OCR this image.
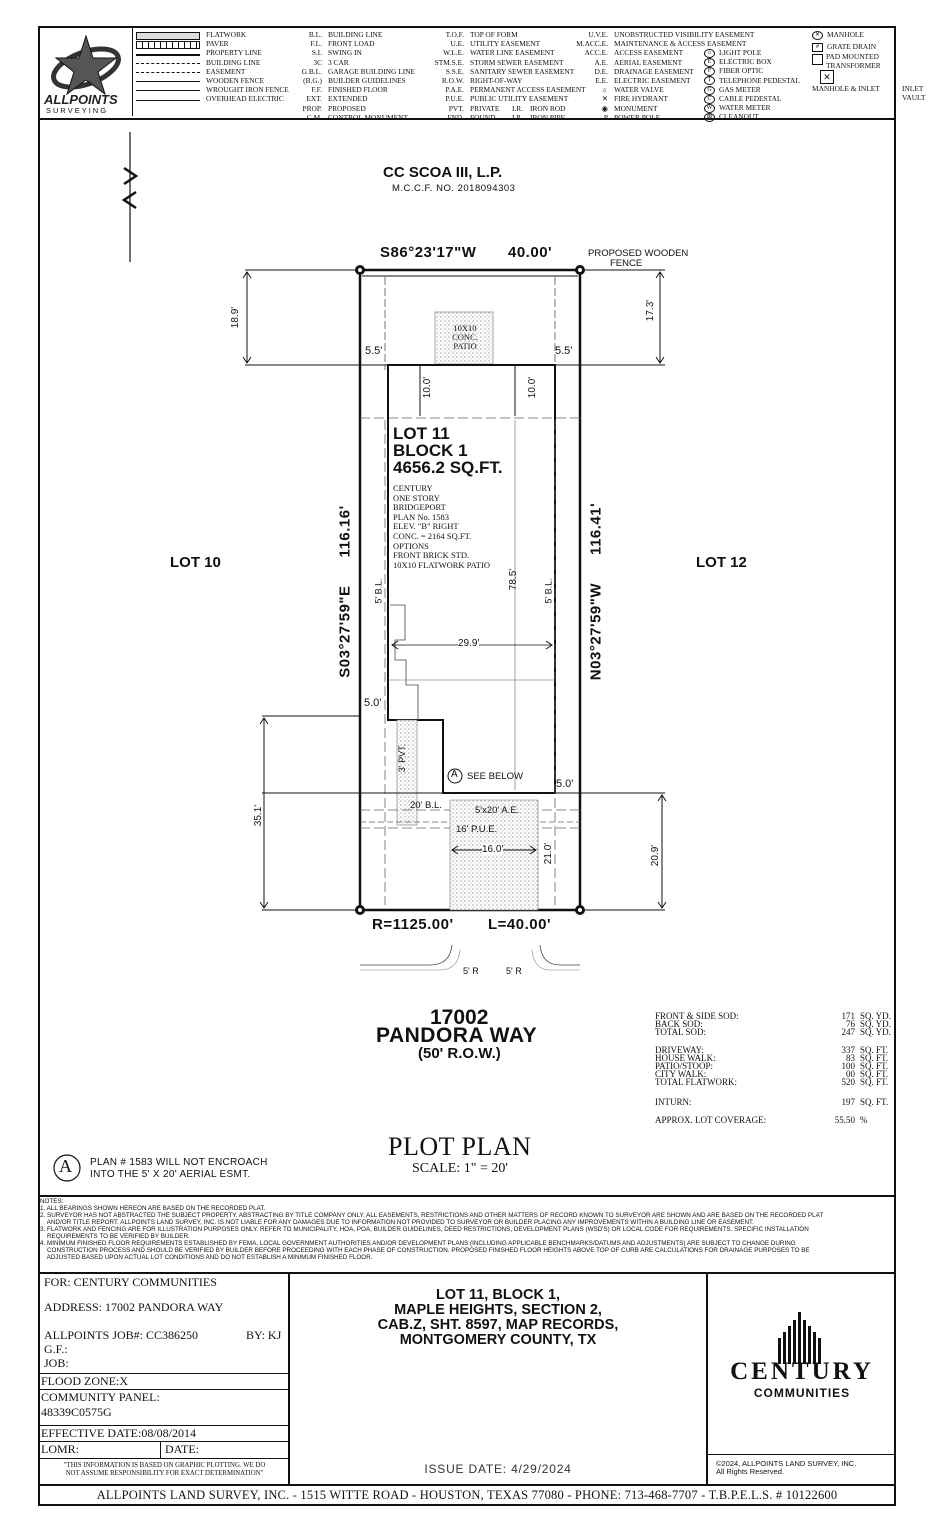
ALLPOINTS
SURVEYING
FLATWORK
PAVER
PROPERTY LINE
BUILDING LINE
EASEMENT
WOODEN FENCE
WROUGHT IRON FENCE
OVERHEAD ELECTRIC
B.L. BUILDING LINE
F.L. FRONT LOAD
S.I. SWING IN
3C 3 CAR
G.B.L. GARAGE BUILDING LINE
(B.G.) BUILDER GUIDELINES
F.F. FINISHED FLOOR
EXT. EXTENDED
PROP. PROPOSED
C.M. CONTROL MONUMENT
T.O.F. TOP OF FORM
U.E. UTILITY EASEMENT
W.L.E. WATER LINE EASEMENT
STM.S.E. STORM SEWER EASEMENT
S.S.E. SANITARY SEWER EASEMENT
R.O.W. RIGHT-OF-WAY
P.A.E. PERMANENT ACCESS EASEMENT
P.U.E. PUBLIC UTILITY EASEMENT
PVT. PRIVATE I.R. IRON ROD
FND. FOUND I.P. IRON PIPE
U.V.E. UNOBSTRUCTED VISIBILITY EASEMENT
M.ACC.E. MAINTENANCE & ACCESS EASEMENT
ACC.E. ACCESS EASEMENT
A.E. AERIAL EASEMENT
D.E. DRAINAGE EASEMENT
E.E. ELECTRIC EASEMENT
☼ WATER VALVE
✕ FIRE HYDRANT
◉ MONUMENT
P POWER POLE
☼ LIGHT POLE
E ELECTRIC BOX
F FIBER OPTIC
T TELEPHONE PEDESTAL
G GAS METER
C CABLE PEDESTAL
W WATER METER
⊠ CLEANOUT
✕ MANHOLE
# GRATE DRAIN
PAD MOUNTED TRANSFORMER
✕
MANHOLE & INLET	INLET
VAULT
CC SCOA III, L.P.
M.C.C.F. NO. 2018094303
S86°23'17"W 40.00'	PROPOSED WOODEN
FENCE
18.9'	17.3'
5.5'	5.5'
10X10
CONC.
PATIO
10.0'	10.0'
LOT 11
BLOCK 1
4656.2 SQ.FT.
CENTURY
ONE STORY
BRIDGEPORT
PLAN No. 1583
ELEV. "B" RIGHT
CONC. = 2164 SQ.FT.
OPTIONS
FRONT BRICK STD.
10X10 FLATWORK PATIO
LOT 10	LOT 12
S03°27'59"E      116.16'
N03°27'59"W      116.41'
5' B.L.	5' B.L.
78.5'
29.9'
5.0'
5.0'
3' PVT.
A SEE BELOW
20' B.L.	5'x20' A.E.
16' P.U.E.
16.0'	21.0'
35.1'
20.9'
R=1125.00' L=40.00'
5' R	5' R
17002
PANDORA WAY
(50' R.O.W.)
PLOT PLAN
SCALE: 1" = 20'
A PLAN # 1583 WILL NOT ENCROACH
INTO THE 5' X 20' AERIAL ESMT.
FRONT & SIDE SOD:	171 SQ. YD.
BACK SOD:	76 SQ. YD.
TOTAL SOD:	247 SQ. YD.
DRIVEWAY:	337 SQ. FT.
HOUSE WALK:	83 SQ. FT.
PATIO/STOOP:	100 SQ. FT.
CITY WALK:	00 SQ. FT.
TOTAL FLATWORK:	520 SQ. FT.
INTURN:	197 SQ. FT.
APPROX. LOT COVERAGE:	55.50 %
NOTES:
1. ALL BEARINGS SHOWN HEREON ARE BASED ON THE RECORDED PLAT.
2. SURVEYOR HAS NOT ABSTRACTED THE SUBJECT PROPERTY. ABSTRACTING BY TITLE COMPANY ONLY. ALL EASEMENTS, RESTRICTIONS AND OTHER MATTERS OF RECORD KNOWN TO SURVEYOR ARE SHOWN AND ARE BASED ON THE RECORDED PLAT
AND/OR TITLE REPORT. ALLPOINTS LAND SURVEY, INC. IS NOT LIABLE FOR ANY DAMAGES DUE TO INFORMATION NOT PROVIDED TO SURVEYOR OR BUILDER PLACING ANY IMPROVEMENTS WITHIN A BUILDING LINE OR EASEMENT.
3. FLATWORK AND FENCING ARE FOR ILLUSTRATION PURPOSES ONLY. REFER TO MUNICIPALITY, HOA, POA, BUILDER GUIDELINES, DEED RESTRICTIONS, DEVELOPMENT PLANS (WSD'S) OR LOCAL CODE FOR REQUIREMENTS. SPECIFIC INSTALLATION
REQUIREMENTS TO BE VERIFIED BY BUILDER.
4. MINIMUM FINISHED FLOOR REQUIREMENTS ESTABLISHED BY FEMA, LOCAL GOVERNMENT AUTHORITIES AND/OR DEVELOPMENT PLANS (INCLUDING APPLICABLE BENCHMARKS/DATUMS AND ADJUSTMENTS) ARE SUBJECT TO CHANGE DURING
CONSTRUCTION PROCESS AND SHOULD BE VERIFIED BY BUILDER BEFORE PROCEEDING WITH EACH PHASE OF CONSTRUCTION. PROPOSED FINISHED FLOOR HEIGHTS ABOVE TOP OF CURB ARE CALCULATIONS FOR DRAINAGE PURPOSES TO BE
ADJUSTED BASED UPON ACTUAL LOT CONDITIONS AND DO NOT ESTABLISH A MINIMUM FINISHED FLOOR.
FOR: CENTURY COMMUNITIES
ADDRESS: 17002 PANDORA WAY
ALLPOINTS JOB#: CC386250	BY: KJ
G.F.:
JOB:
FLOOD ZONE:X
COMMUNITY PANEL:
48339C0575G
EFFECTIVE DATE:08/08/2014
LOMR:	DATE:
"THIS INFORMATION IS BASED ON GRAPHIC PLOTTING. WE DO
NOT ASSUME RESPONSIBILITY FOR EXACT DETERMINATION"
LOT 11, BLOCK 1,
MAPLE HEIGHTS, SECTION 2,
CAB.Z, SHT. 8597, MAP RECORDS,
MONTGOMERY COUNTY, TX
ISSUE DATE: 4/29/2024
CENTURY
COMMUNITIES
©2024, ALLPOINTS LAND SURVEY, INC.
All Rights Reserved.
ALLPOINTS LAND SURVEY, INC. - 1515 WITTE ROAD - HOUSTON, TEXAS 77080 - PHONE: 713-468-7707 - T.B.P.E.L.S. # 10122600
